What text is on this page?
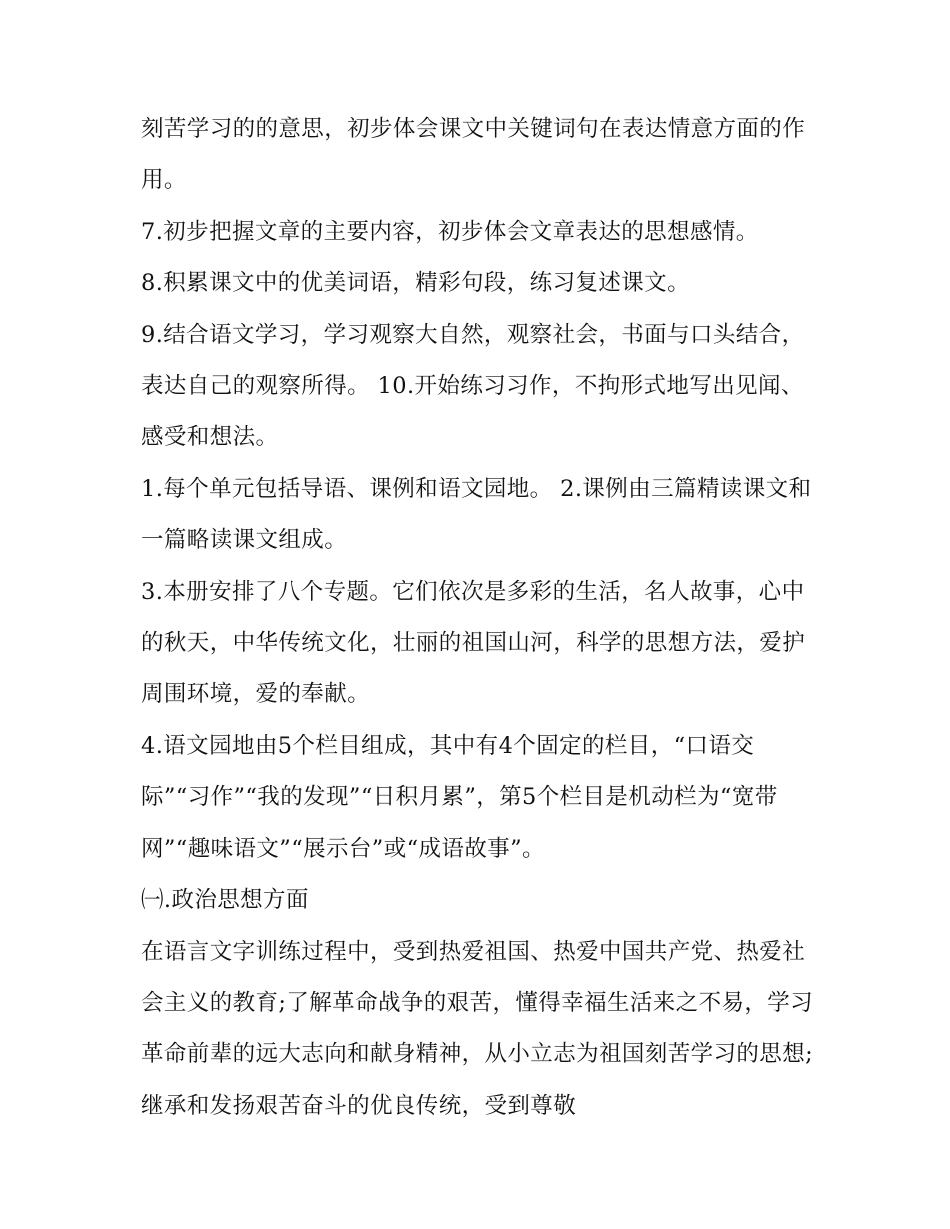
刻苦学习的的意思，初步体会课文中关键词句在表达情意方面的作用。

7.初步把握文章的主要内容，初步体会文章表达的思想感情。

8.积累课文中的优美词语，精彩句段，练习复述课文。

9.结合语文学习，学习观察大自然，观察社会，书面与口头结合，表达自己的观察所得。 10.开始练习习作，不拘形式地写出见闻、感受和想法。

1.每个单元包括导语、课例和语文园地。 2.课例由三篇精读课文和一篇略读课文组成。

3.本册安排了八个专题。它们依次是多彩的生活，名人故事，心中的秋天，中华传统文化，壮丽的祖国山河，科学的思想方法，爱护周围环境，爱的奉献。

4.语文园地由5个栏目组成，其中有4个固定的栏目，“口语交际”“习作”“我的发现”“日积月累”，第5个栏目是机动栏为“宽带网”“趣味语文”“展示台”或“成语故事”。

㈠.政治思想方面

在语言文字训练过程中，受到热爱祖国、热爱中国共产党、热爱社会主义的教育;了解革命战争的艰苦，懂得幸福生活来之不易，学习革命前辈的远大志向和献身精神，从小立志为祖国刻苦学习的思想;继承和发扬艰苦奋斗的优良传统，受到尊敬
